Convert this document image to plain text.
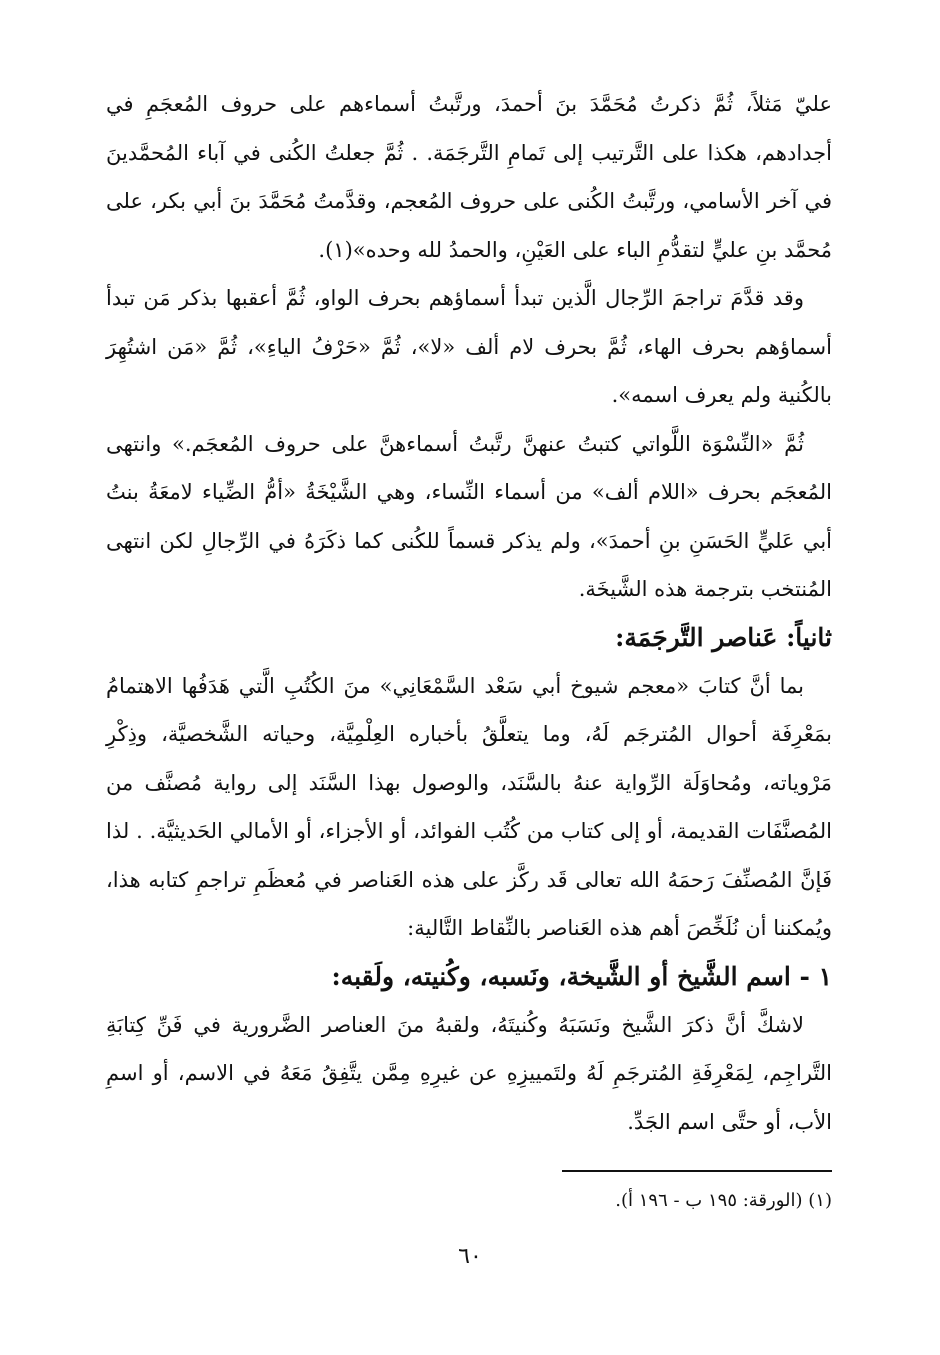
عليّ مَثلاً، ثُمَّ ذكرتُ مُحَمَّدَ بنَ أحمدَ، ورتَّبتُ أسماءهم على حروف المُعجَمِ في أجدادهم، هكذا على التَّرتيب إلى تَمامِ التَّرجَمَة. . ثُمَّ جعلتُ الكُنى في آباء المُحمَّدينَ في آخر الأسامي، ورتَّبتُ الكُنى على حروف المُعجم، وقدَّمتُ مُحَمَّدَ بنَ أبي بكر، على مُحمَّد بنِ عليٍّ لتقدُّمِ الباء على العَيْنِ، والحمدُ لله وحده»(١).

وقد قدَّمَ تراجمَ الرِّجال الَّذين تبدأ أسماؤهم بحرف الواو، ثُمَّ أعقبها بذكر مَن تبدأ أسماؤهم بحرف الهاء، ثُمَّ بحرف لام ألف «لا»، ثُمَّ «حَرْفُ الياءِ»، ثُمَّ «مَن اشتُهِرَ بالكُنية ولم يعرف اسمه».

ثُمَّ «النِّسْوَة اللَّواتي كتبتُ عنهنَّ رتَّبتُ أسماءهنَّ على حروف المُعجَم.» وانتهى المُعجَم بحرف «اللام ألف» من أسماء النِّساء، وهي الشَّيْخَةُ «أمُّ الضِّياء لامعَةُ بنتُ أبي عَليٍّ الحَسَنِ بنِ أحمدَ»، ولم يذكر قسماً للكُنى كما ذكَرَهُ في الرِّجالِ لكن انتهى المُنتخب بترجمة هذه الشَّيخَة.

ثانياً: عَناصر التَّرجَمَة:

بما أنَّ كتابَ «معجم شيوخ أبي سَعْد السَّمْعَانِي» منَ الكُتُبِ الَّتي هَدَفُها الاهتمامُ بمَعْرِفَة أحوال المُترجَم لَهُ، وما يتعلَّقُ بأخباره العِلْمِيَّة، وحياته الشَّخصيَّة، وذِكْرِ مَرْوياته، ومُحاوَلَة الرِّواية عنهُ بالسَّنَد، والوصول بهذا السَّنَد إلى رواية مُصنَّف من المُصنَّفَات القديمة، أو إلى كتاب من كُتُب الفوائد، أو الأجزاء، أو الأمالي الحَديثيَّة. . لذا فَإنَّ المُصنِّفَ رَحمَهُ الله تعالى قَد ركَّز على هذه العَناصر في مُعظَمِ تراجمِ كتابه هذا، ويُمكننا أن نُلَخِّصَ أهم هذه العَناصر بالنِّقاط التَّالية:

١ - اسم الشَّيخ أو الشَّيخة، ونَسبه، وكُنيته، ولَقبه:

لاشكَّ أنَّ ذكرَ الشَّيخ ونَسَبَهُ وكُنيتَهُ، ولقبهُ منَ العناصر الضَّرورية في فَنِّ كِتابَةِ التَّراجِم، لِمَعْرِفَةِ المُترجَمِ لَهُ ولتَمييزِهِ عن غيرِهِ مِمَّن يتَّفِقُ مَعَهُ في الاسم، أو اسمِ الأب، أو حتَّى اسم الجَدِّ.

(١) (الورقة: ١٩٥ ب - ١٩٦ أ).
٦٠
